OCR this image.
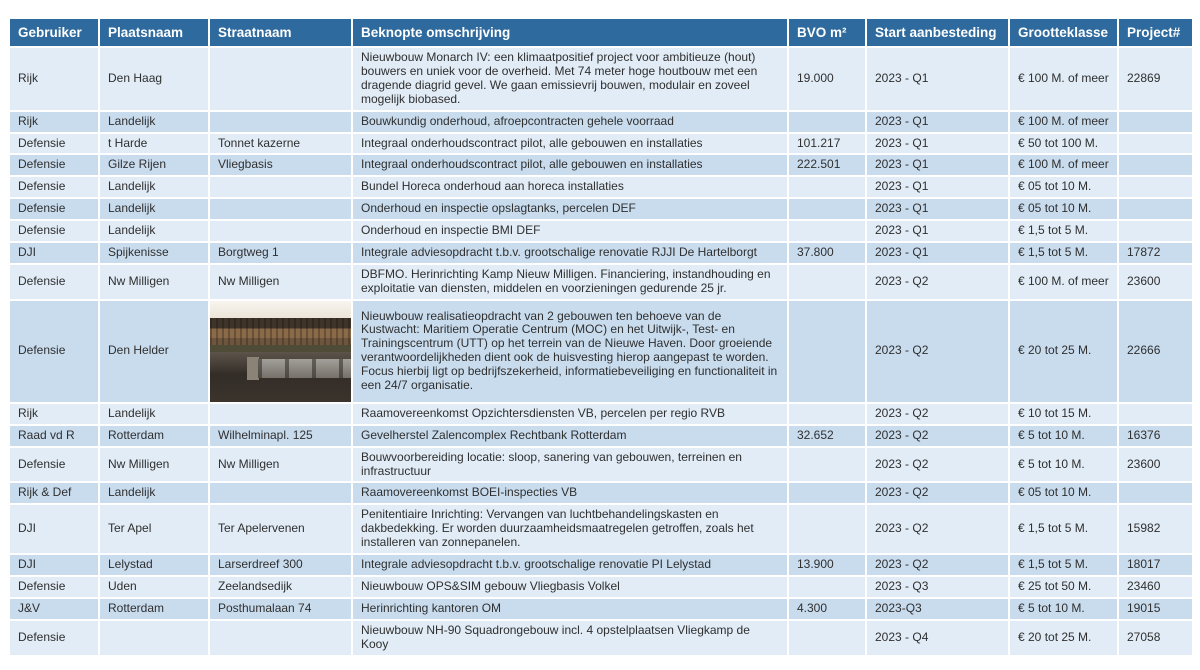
Gebruiker	Plaatsnaam	Straatnaam	Beknopte omschrijving	BVO m²	Start aanbesteding	Grootteklasse	Project#
Rijk	Den Haag		Nieuwbouw Monarch IV: een klimaatpositief project voor ambitieuze (hout) bouwers en uniek voor de overheid. Met 74 meter hoge houtbouw met een dragende diagrid gevel. We gaan emissievrij bouwen, modulair en zoveel mogelijk biobased.	19.000	2023 - Q1	€ 100 M. of meer	22869
Rijk	Landelijk		Bouwkundig onderhoud, afroepcontracten gehele voorraad		2023 - Q1	€ 100 M. of meer	
Defensie	t Harde	Tonnet kazerne	Integraal onderhoudscontract pilot, alle gebouwen en installaties	101.217	2023 - Q1	€ 50 tot 100 M.	
Defensie	Gilze Rijen	Vliegbasis	Integraal onderhoudscontract pilot, alle gebouwen en installaties	222.501	2023 - Q1	€ 100 M. of meer	
Defensie	Landelijk		Bundel Horeca onderhoud aan horeca installaties		2023 - Q1	€ 05 tot 10 M.	
Defensie	Landelijk		Onderhoud en inspectie opslagtanks, percelen DEF		2023 - Q1	€ 05 tot 10 M.	
Defensie	Landelijk		Onderhoud en inspectie BMI DEF		2023 - Q1	€ 1,5 tot 5 M.	
DJI	Spijkenisse	Borgtweg 1	Integrale adviesopdracht t.b.v. grootschalige renovatie RJJI De Hartelborgt	37.800	2023 - Q1	€ 1,5 tot 5 M.	17872
Defensie	Nw Milligen	Nw Milligen	DBFMO. Herinrichting Kamp Nieuw Milligen. Financiering, instandhouding en exploitatie van diensten, middelen en voorzieningen gedurende 25 jr.		2023 - Q2	€ 100 M. of meer	23600
Defensie	Den Helder		Nieuwbouw realisatieopdracht van 2 gebouwen ten behoeve van de Kustwacht: Maritiem Operatie Centrum (MOC) en het Uitwijk-, Test- en Trainingscentrum (UTT) op het terrein van de Nieuwe Haven. Door groeiende verantwoordelijkheden dient ook de huisvesting hierop aangepast te worden. Focus hierbij ligt op bedrijfszekerheid, informatiebeveiliging en functionaliteit in een 24/7 organisatie.		2023 - Q2	€ 20 tot 25 M.	22666
Rijk	Landelijk		Raamovereenkomst Opzichtersdiensten VB, percelen per regio RVB		2023 - Q2	€ 10 tot 15 M.	
Raad vd R	Rotterdam	Wilhelminapl. 125	Gevelherstel Zalencomplex Rechtbank Rotterdam	32.652	2023 - Q2	€ 5 tot 10 M.	16376
Defensie	Nw Milligen	Nw Milligen	Bouwvoorbereiding locatie: sloop, sanering van gebouwen, terreinen en infrastructuur		2023 - Q2	€ 5 tot 10 M.	23600
Rijk & Def	Landelijk		Raamovereenkomst BOEI-inspecties VB		2023 - Q2	€ 05 tot 10 M.	
DJI	Ter Apel	Ter Apelervenen	Penitentiaire Inrichting: Vervangen van luchtbehandelingskasten en dakbedekking. Er worden duurzaamheidsmaatregelen getroffen, zoals het installeren van zonnepanelen.		2023 - Q2	€ 1,5 tot 5 M.	15982
DJI	Lelystad	Larserdreef 300	Integrale adviesopdracht t.b.v. grootschalige renovatie PI Lelystad	13.900	2023 - Q2	€ 1,5 tot 5 M.	18017
Defensie	Uden	Zeelandsedijk	Nieuwbouw OPS&SIM gebouw Vliegbasis Volkel		2023 - Q3	€ 25 tot 50 M.	23460
J&V	Rotterdam	Posthumalaan 74	Herinrichting kantoren OM	4.300	2023-Q3	€ 5 tot 10 M.	19015
Defensie			Nieuwbouw NH-90 Squadrongebouw incl. 4 opstelplaatsen Vliegkamp de Kooy		2023 - Q4	€ 20 tot 25 M.	27058
